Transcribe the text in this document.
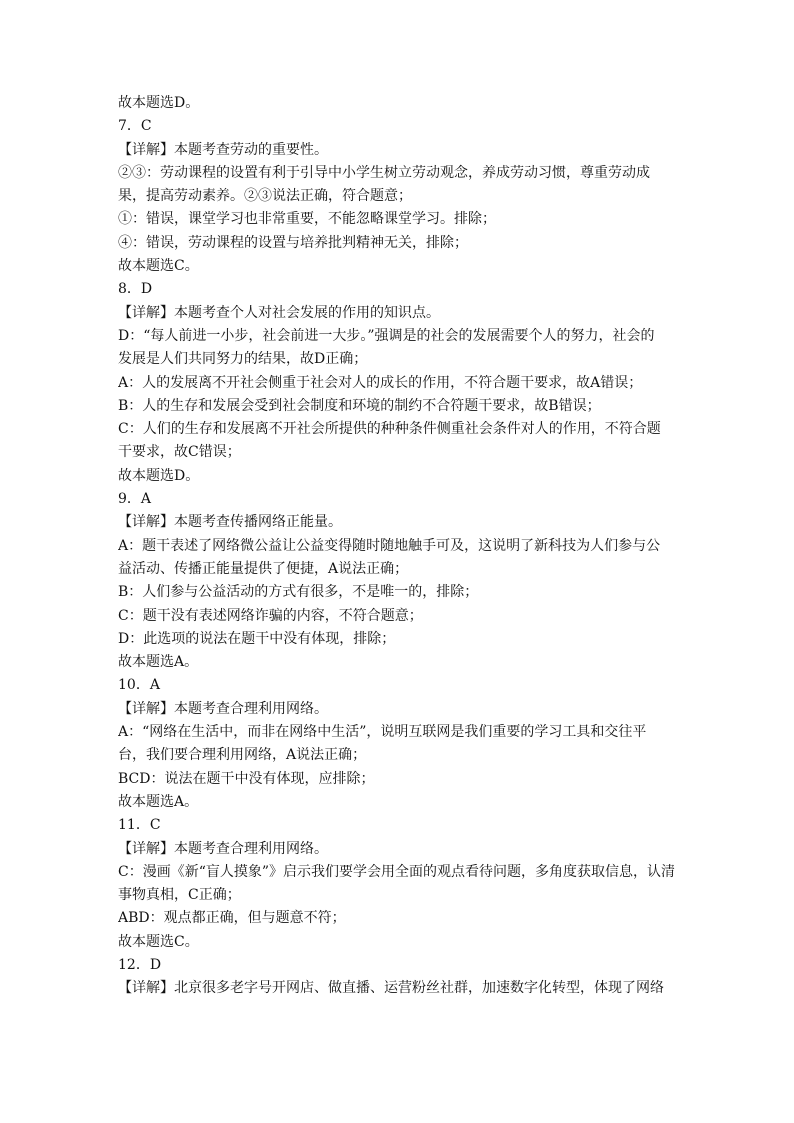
故本题选D。
7．C
【详解】本题考查劳动的重要性。
②③：劳动课程的设置有利于引导中小学生树立劳动观念，养成劳动习惯，尊重劳动成
果，提高劳动素养。②③说法正确，符合题意；
①：错误，课堂学习也非常重要，不能忽略课堂学习。排除；
④：错误，劳动课程的设置与培养批判精神无关，排除；
故本题选C。
8．D
【详解】本题考查个人对社会发展的作用的知识点。
D：“每人前进一小步，社会前进一大步。”强调是的社会的发展需要个人的努力，社会的
发展是人们共同努力的结果，故D正确；
A：人的发展离不开社会侧重于社会对人的成长的作用，不符合题干要求，故A错误；
B：人的生存和发展会受到社会制度和环境的制约不合符题干要求，故B错误；
C：人们的生存和发展离不开社会所提供的种种条件侧重社会条件对人的作用，不符合题
干要求，故C错误；
故本题选D。
9．A
【详解】本题考查传播网络正能量。
A：题干表述了网络微公益让公益变得随时随地触手可及，这说明了新科技为人们参与公
益活动、传播正能量提供了便捷，A说法正确；
B：人们参与公益活动的方式有很多，不是唯一的，排除；
C：题干没有表述网络诈骗的内容，不符合题意；
D：此选项的说法在题干中没有体现，排除；
故本题选A。
10．A
【详解】本题考查合理利用网络。
A：“网络在生活中，而非在网络中生活”，说明互联网是我们重要的学习工具和交往平
台，我们要合理利用网络，A说法正确；
BCD：说法在题干中没有体现，应排除；
故本题选A。
11．C
【详解】本题考查合理利用网络。
C：漫画《新“盲人摸象”》启示我们要学会用全面的观点看待问题，多角度获取信息，认清
事物真相，C正确；
ABD：观点都正确，但与题意不符；
故本题选C。
12．D
【详解】北京很多老字号开网店、做直播、运营粉丝社群，加速数字化转型，体现了网络
